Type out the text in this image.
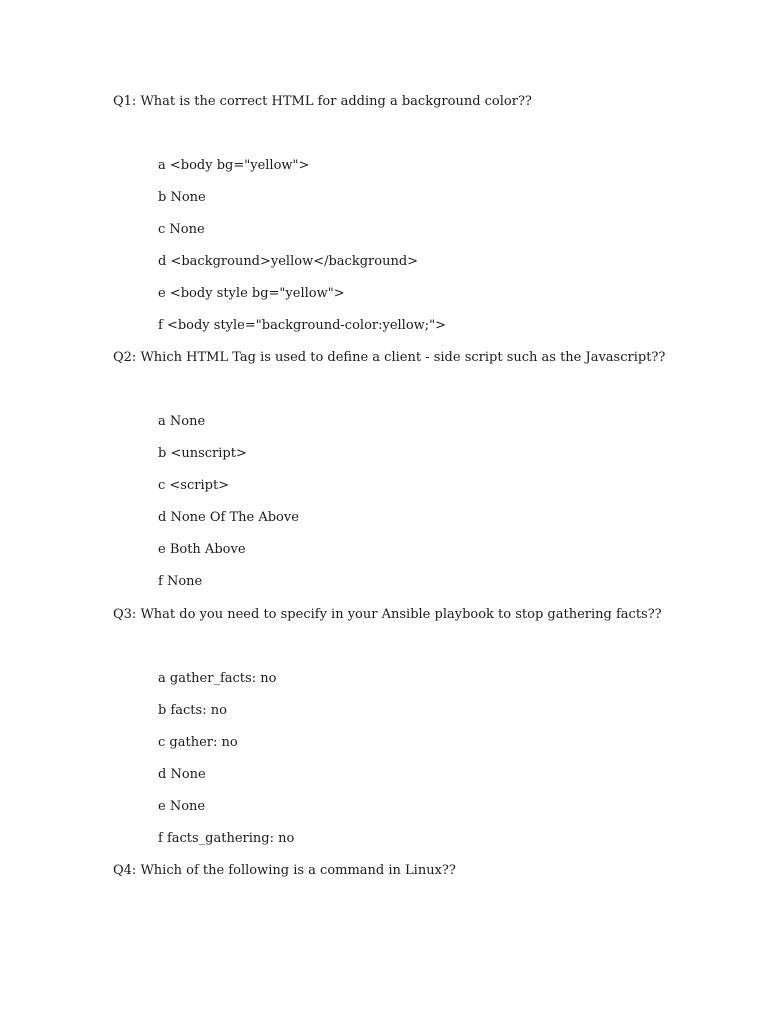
Q1: What is the correct HTML for adding a background color??
a <body bg="yellow">
b None
c None
d <background>yellow</background>
e <body style bg="yellow">
f <body style="background-color:yellow;">
Q2: Which HTML Tag is used to define a client - side script such as the Javascript??
a None
b <unscript>
c <script>
d None Of The Above
e Both Above
f None
Q3: What do you need to specify in your Ansible playbook to stop gathering facts??
a gather_facts: no
b facts: no
c gather: no
d None
e None
f facts_gathering: no
Q4: Which of the following is a command in Linux??
